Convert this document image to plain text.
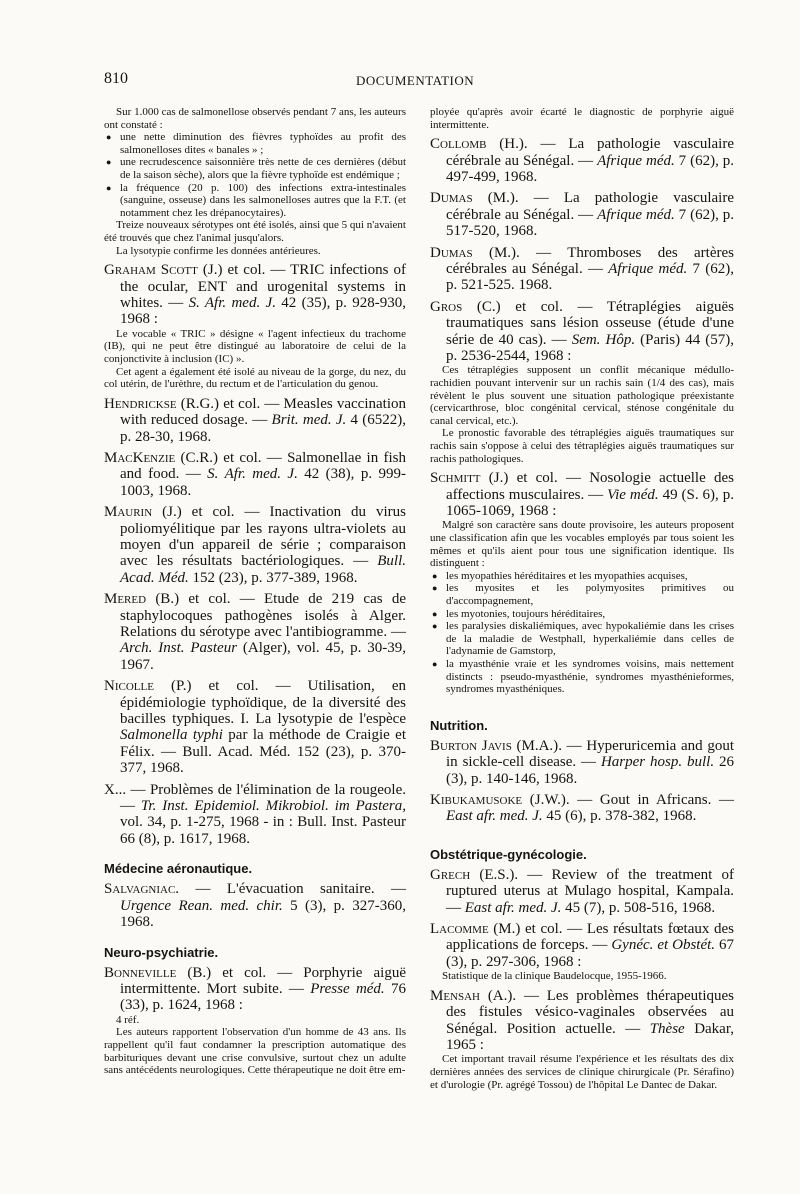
810	DOCUMENTATION

Sur 1.000 cas de salmonellose observés pendant 7 ans, les auteurs ont constaté :

● une nette diminution des fièvres typhoïdes au profit des salmonelloses dites « banales » ;
● une recrudescence saisonnière très nette de ces dernières (début de la saison sèche), alors que la fièvre typhoïde est endémique ;
● la fréquence (20 p. 100) des infections extra-intestinales (sanguine, osseuse) dans les salmonelloses autres que la F.T. (et notamment chez les drépanocytaires).

Treize nouveaux sérotypes ont été isolés, ainsi que 5 qui n'avaient été trouvés que chez l'animal jusqu'alors.

La lysotypie confirme les données antérieures.

Graham Scott (J.) et col. — TRIC infections of the ocular, ENT and urogenital systems in whites. — S. Afr. med. J. 42 (35), p. 928-930, 1968 :

Le vocable « TRIC » désigne « l'agent infectieux du trachome (IB), qui ne peut être distingué au laboratoire de celui de la conjonctivite à inclusion (IC) ».

Cet agent a également été isolé au niveau de la gorge, du nez, du col utérin, de l'urèthre, du rectum et de l'articulation du genou.

Hendrickse (R.G.) et col. — Measles vaccination with reduced dosage. — Brit. med. J. 4 (6522), p. 28-30, 1968.

MacKenzie (C.R.) et col. — Salmonellae in fish and food. — S. Afr. med. J. 42 (38), p. 999-1003, 1968.

Maurin (J.) et col. — Inactivation du virus poliomyélitique par les rayons ultra-violets au moyen d'un appareil de série ; comparaison avec les résultats bactériologiques. — Bull. Acad. Méd. 152 (23), p. 377-389, 1968.

Mered (B.) et col. — Etude de 219 cas de staphylocoques pathogènes isolés à Alger. Relations du sérotype avec l'antibiogramme. — Arch. Inst. Pasteur (Alger), vol. 45, p. 30-39, 1967.

Nicolle (P.) et col. — Utilisation, en épidémiologie typhoïdique, de la diversité des bacilles typhiques. I. La lysotypie de l'espèce Salmonella typhi par la méthode de Craigie et Félix. — Bull. Acad. Méd. 152 (23), p. 370-377, 1968.

X... — Problèmes de l'élimination de la rougeole. — Tr. Inst. Epidemiol. Mikrobiol. im Pastera, vol. 34, p. 1-275, 1968 - in : Bull. Inst. Pasteur 66 (8), p. 1617, 1968.

Médecine aéronautique.

Salvagniac. — L'évacuation sanitaire. — Urgence Rean. med. chir. 5 (3), p. 327-360, 1968.

Neuro-psychiatrie.

Bonneville (B.) et col. — Porphyrie aiguë intermittente. Mort subite. — Presse méd. 76 (33), p. 1624, 1968 :

4 réf.

Les auteurs rapportent l'observation d'un homme de 43 ans. Ils rappellent qu'il faut condamner la prescription automatique des barbituriques devant une crise convulsive, surtout chez un adulte sans antécédents neurologiques. Cette thérapeutique ne doit être em-

ployée qu'après avoir écarté le diagnostic de porphyrie aiguë intermittente.

Collomb (H.). — La pathologie vasculaire cérébrale au Sénégal. — Afrique méd. 7 (62), p. 497-499, 1968.

Dumas (M.). — La pathologie vasculaire cérébrale au Sénégal. — Afrique méd. 7 (62), p. 517-520, 1968.

Dumas (M.). — Thromboses des artères cérébrales au Sénégal. — Afrique méd. 7 (62), p. 521-525. 1968.

Gros (C.) et col. — Tétraplégies aiguës traumatiques sans lésion osseuse (étude d'une série de 40 cas). — Sem. Hôp. (Paris) 44 (57), p. 2536-2544, 1968 :

Ces tétraplégies supposent un conflit mécanique médullo-rachidien pouvant intervenir sur un rachis sain (1/4 des cas), mais révèlent le plus souvent une situation pathologique préexistante (cervicarthrose, bloc congénital cervical, sténose congénitale du canal cervical, etc.).

Le pronostic favorable des tétraplégies aiguës traumatiques sur rachis sain s'oppose à celui des tétraplégies aiguës traumatiques sur rachis pathologiques.

Schmitt (J.) et col. — Nosologie actuelle des affections musculaires. — Vie méd. 49 (S. 6), p. 1065-1069, 1968 :

Malgré son caractère sans doute provisoire, les auteurs proposent une classification afin que les vocables employés par tous soient les mêmes et qu'ils aient pour tous une signification identique. Ils distinguent :

● les myopathies héréditaires et les myopathies acquises,
● les myosites et les polymyosites primitives ou d'accompagnement,
● les myotonies, toujours héréditaires,
● les paralysies diskaliémiques, avec hypokaliémie dans les crises de la maladie de Westphall, hyperkaliémie dans celles de l'adynamie de Gamstorp,
● la myasthénie vraie et les syndromes voisins, mais nettement distincts : pseudo-myasthénie, syndromes myasthénieformes, syndromes myasthéniques.
Nutrition.

Burton Javis (M.A.). — Hyperuricemia and gout in sickle-cell disease. — Harper hosp. bull. 26 (3), p. 140-146, 1968.

Kibukamusoke (J.W.). — Gout in Africans. — East afr. med. J. 45 (6), p. 378-382, 1968.

Obstétrique-gynécologie.

Grech (E.S.). — Review of the treatment of ruptured uterus at Mulago hospital, Kampala. — East afr. med. J. 45 (7), p. 508-516, 1968.

Lacomme (M.) et col. — Les résultats fœtaux des applications de forceps. — Gynéc. et Obstét. 67 (3), p. 297-306, 1968 :

Statistique de la clinique Baudelocque, 1955-1966.

Mensah (A.). — Les problèmes thérapeutiques des fistules vésico-vaginales observées au Sénégal. Position actuelle. — Thèse Dakar, 1965 :

Cet important travail résume l'expérience et les résultats des dix dernières années des services de clinique chirurgicale (Pr. Sérafino) et d'urologie (Pr. agrégé Tossou) de l'hôpital Le Dantec de Dakar.
